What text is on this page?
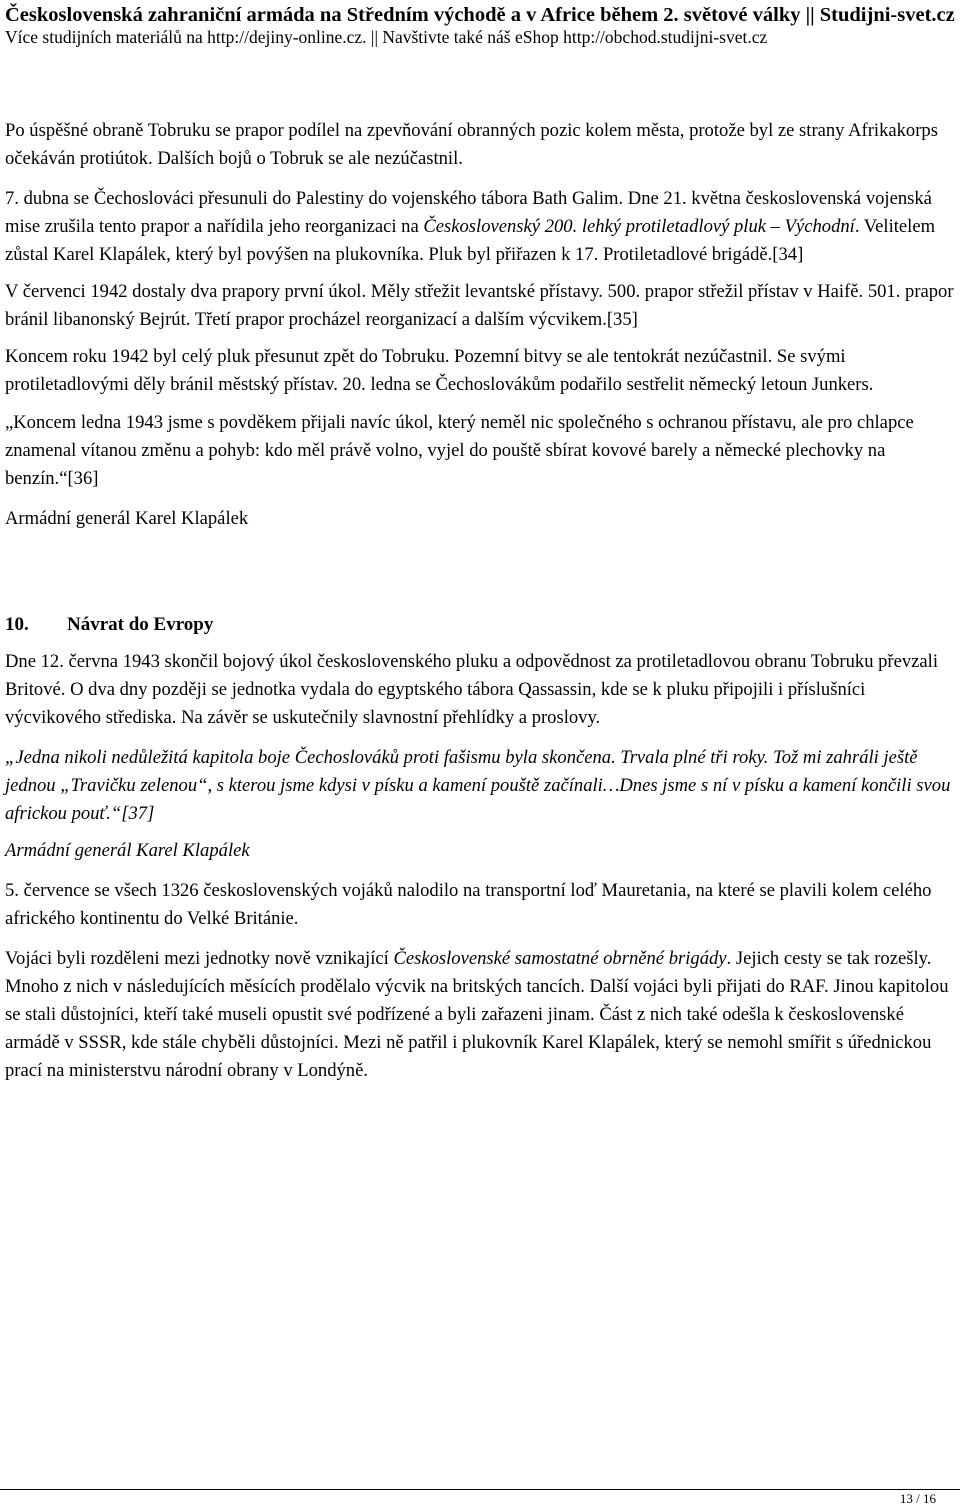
Československá zahraniční armáda na Středním východě a v Africe během 2. světové války || Studijni-svet.cz
Více studijních materiálů na http://dejiny-online.cz. || Navštivte také náš eShop http://obchod.studijni-svet.cz

Po úspěšné obraně Tobruku se prapor podílel na zpevňování obranných pozic kolem města, protože byl ze strany Afrikakorps očekáván protiútok. Dalších bojů o Tobruk se ale nezúčastnil.

7. dubna se Čechoslováci přesunuli do Palestiny do vojenského tábora Bath Galim. Dne 21. května československá vojenská mise zrušila tento prapor a nařídila jeho reorganizaci na Československý 200. lehký protiletadlový pluk – Východní. Velitelem zůstal Karel Klapálek, který byl povýšen na plukovníka. Pluk byl přiřazen k 17. Protiletadlové brigádě.[34]

V červenci 1942 dostaly dva prapory první úkol. Měly střežit levantské přístavy. 500. prapor střežil přístav v Haifě. 501. prapor bránil libanonský Bejrút. Třetí prapor procházel reorganizací a dalším výcvikem.[35]

Koncem roku 1942 byl celý pluk přesunut zpět do Tobruku. Pozemní bitvy se ale tentokrát nezúčastnil. Se svými protiletadlovými děly bránil městský přístav. 20. ledna se Čechoslovákům podařilo sestřelit německý letoun Junkers.

„Koncem ledna 1943 jsme s povděkem přijali navíc úkol, který neměl nic společného s ochranou přístavu, ale pro chlapce znamenal vítanou změnu a pohyb: kdo měl právě volno, vyjel do pouště sbírat kovové barely a německé plechovky na benzín.“[36]

Armádní generál Karel Klapálek

10. Návrat do Evropy

Dne 12. června 1943 skončil bojový úkol československého pluku a odpovědnost za protiletadlovou obranu Tobruku převzali Britové. O dva dny později se jednotka vydala do egyptského tábora Qassassin, kde se k pluku připojili i příslušníci výcvikového střediska. Na závěr se uskutečnily slavnostní přehlídky a proslovy.

„Jedna nikoli nedůležitá kapitola boje Čechoslováků proti fašismu byla skončena. Trvala plné tři roky. Tož mi zahráli ještě jednou „Travičku zelenou“, s kterou jsme kdysi v písku a kamení pouště začínali…Dnes jsme s ní v písku a kamení končili svou africkou pouť.“[37]

Armádní generál Karel Klapálek

5. července se všech 1326 československých vojáků nalodilo na transportní loď Mauretania, na které se plavili kolem celého afrického kontinentu do Velké Británie.

Vojáci byli rozděleni mezi jednotky nově vznikající Československé samostatné obrněné brigády. Jejich cesty se tak rozešly. Mnoho z nich v následujících měsících prodělalo výcvik na britských tancích. Další vojáci byli přijati do RAF. Jinou kapitolou se stali důstojníci, kteří také museli opustit své podřízené a byli zařazeni jinam. Část z nich také odešla k československé armádě v SSSR, kde stále chyběli důstojníci. Mezi ně patřil i plukovník Karel Klapálek, který se nemohl smířit s úřednickou prací na ministerstvu národní obrany v Londýně.

13 / 16
